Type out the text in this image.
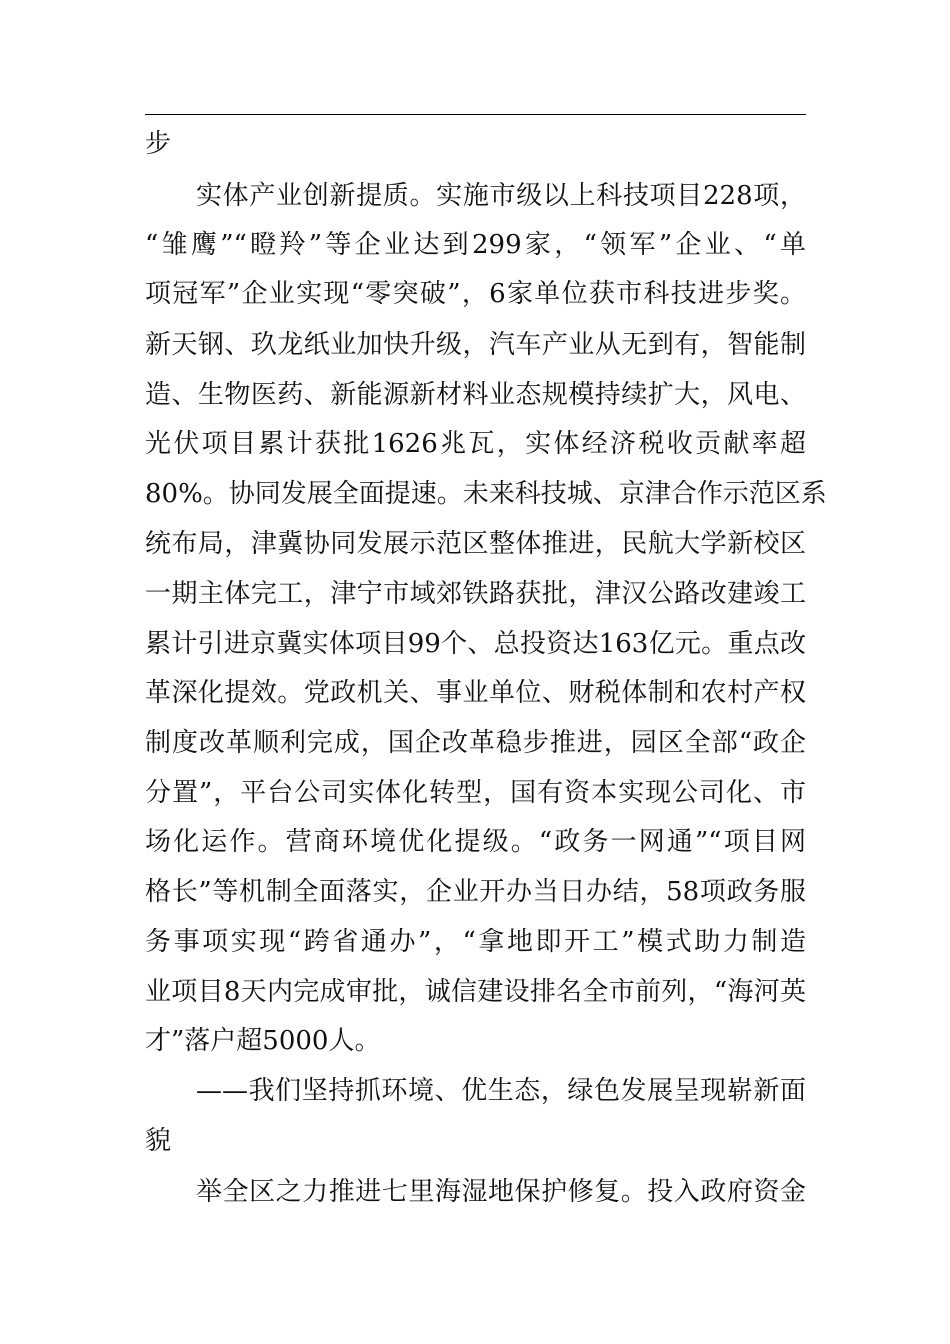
步
实体产业创新提质。实施市级以上科技项目228项，
“雏鹰”“瞪羚”等企业达到299家，“领军”企业、“单
项冠军”企业实现“零突破”，6家单位获市科技进步奖。
新天钢、玖龙纸业加快升级，汽车产业从无到有，智能制
造、生物医药、新能源新材料业态规模持续扩大，风电、
光伏项目累计获批1626兆瓦，实体经济税收贡献率超
80%。协同发展全面提速。未来科技城、京津合作示范区系
统布局，津冀协同发展示范区整体推进，民航大学新校区
一期主体完工，津宁市域郊铁路获批，津汉公路改建竣工
累计引进京冀实体项目99个、总投资达163亿元。重点改
革深化提效。党政机关、事业单位、财税体制和农村产权
制度改革顺利完成，国企改革稳步推进，园区全部“政企
分置”，平台公司实体化转型，国有资本实现公司化、市
场化运作。营商环境优化提级。“政务一网通”“项目网
格长”等机制全面落实，企业开办当日办结，58项政务服
务事项实现“跨省通办”，“拿地即开工”模式助力制造
业项目8天内完成审批，诚信建设排名全市前列，“海河英
才”落户超5000人。
——我们坚持抓环境、优生态，绿色发展呈现崭新面
貌
举全区之力推进七里海湿地保护修复。投入政府资金
